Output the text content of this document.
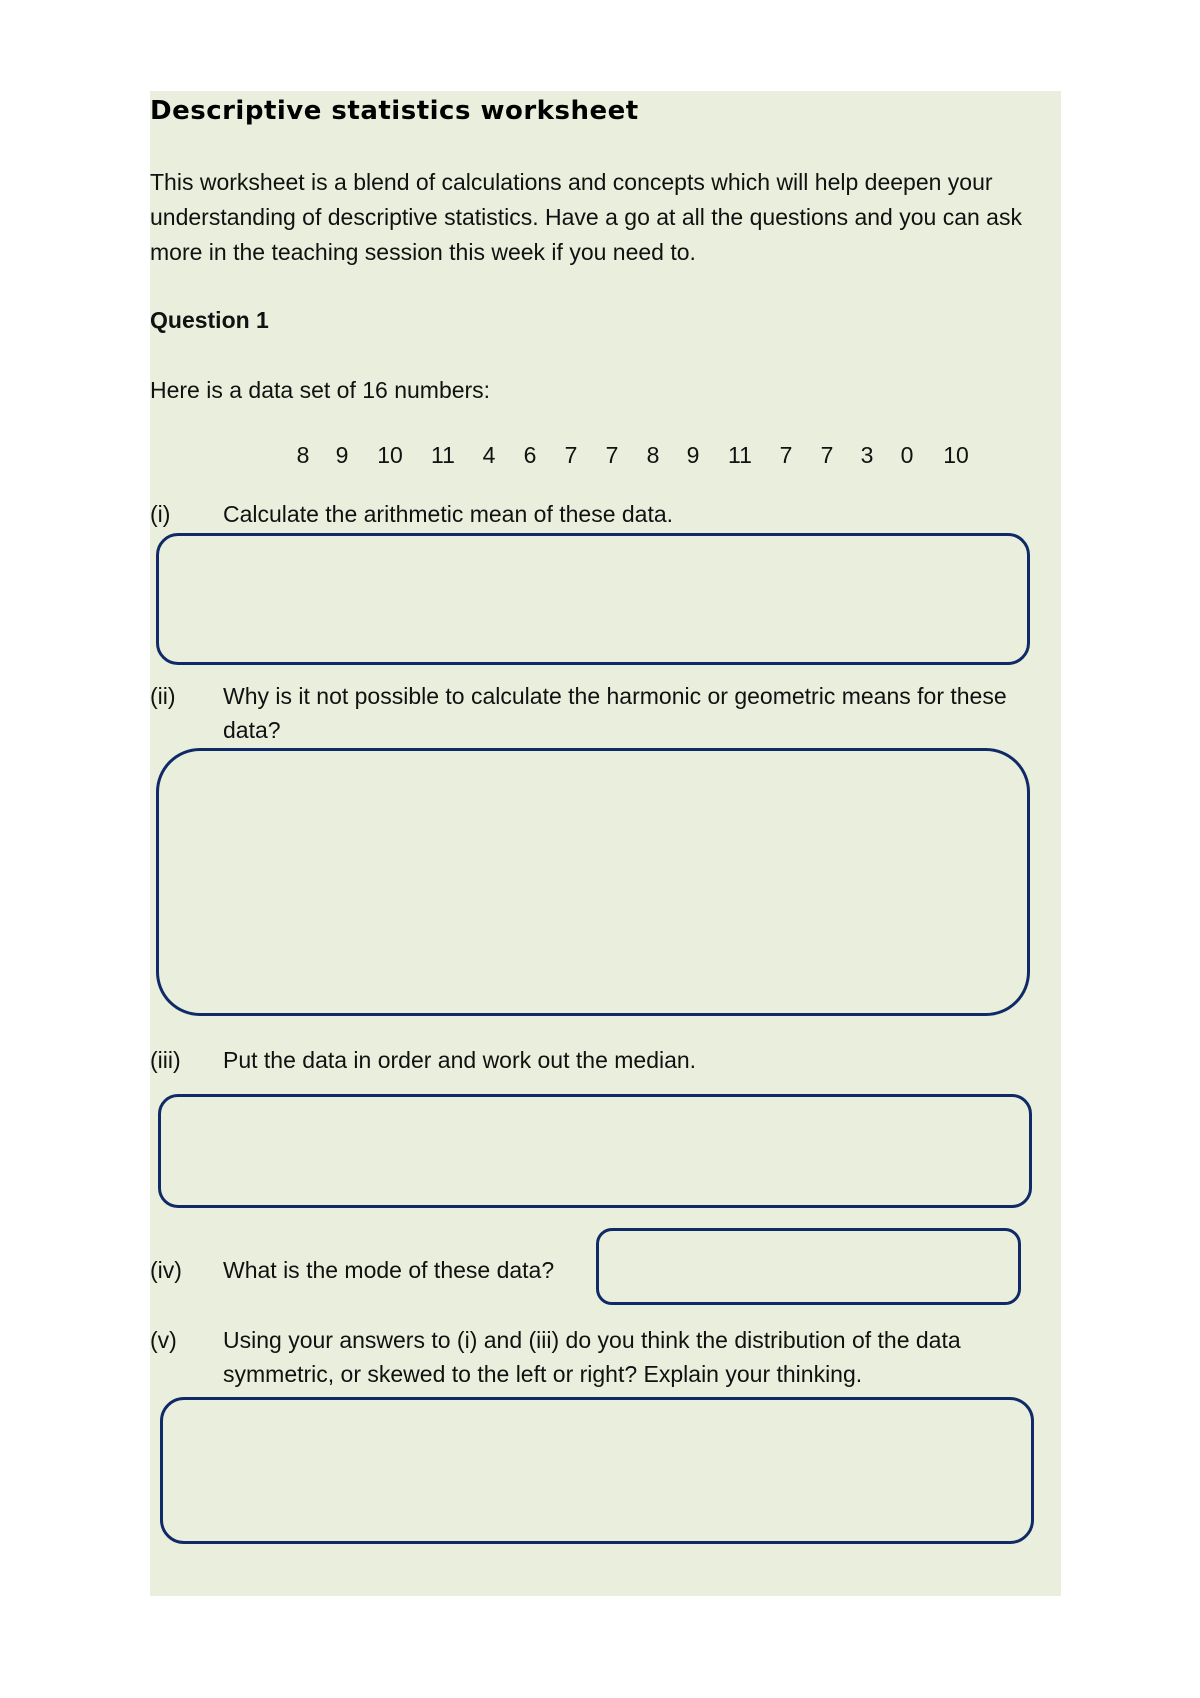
Descriptive statistics worksheet
This worksheet is a blend of calculations and concepts which will help deepen your understanding of descriptive statistics. Have a go at all the questions and you can ask more in the teaching session this week if you need to.
Question 1
Here is a data set of 16 numbers:
8 9 10 11 4 6 7 7 8 9 11 7 7 3 0 10
(i) Calculate the arithmetic mean of these data.
(ii) Why is it not possible to calculate the harmonic or geometric means for these data?
(iii) Put the data in order and work out the median.
(iv) What is the mode of these data?
(v) Using your answers to (i) and (iii) do you think the distribution of the data symmetric, or skewed to the left or right? Explain your thinking.
